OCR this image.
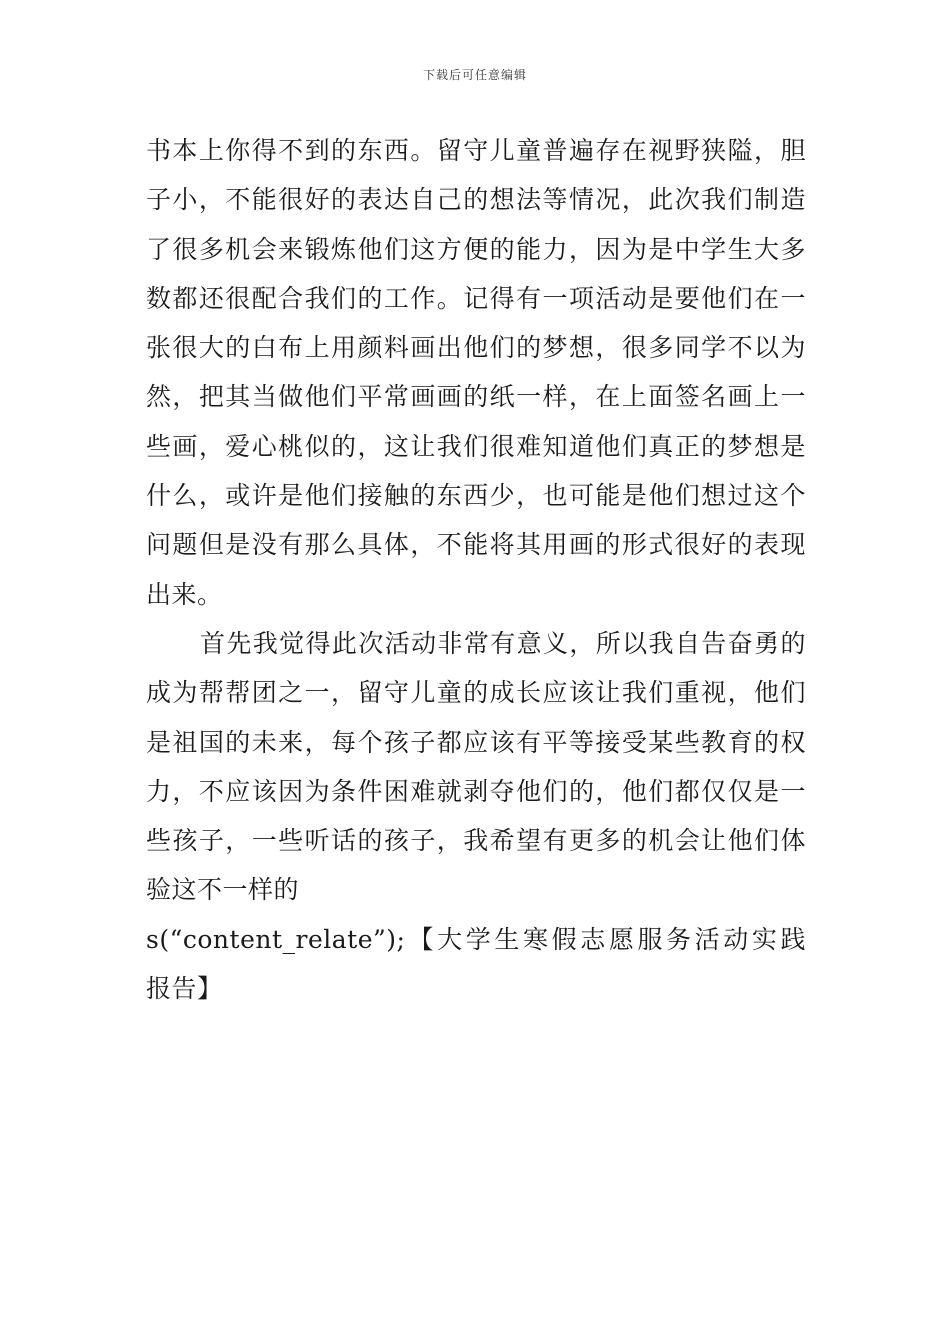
下载后可任意编辑
书本上你得不到的东西。留守儿童普遍存在视野狭隘，胆
子小，不能很好的表达自己的想法等情况，此次我们制造
了很多机会来锻炼他们这方便的能力，因为是中学生大多
数都还很配合我们的工作。记得有一项活动是要他们在一
张很大的白布上用颜料画出他们的梦想，很多同学不以为
然，把其当做他们平常画画的纸一样，在上面签名画上一
些画，爱心桃似的，这让我们很难知道他们真正的梦想是
什么，或许是他们接触的东西少，也可能是他们想过这个
问题但是没有那么具体，不能将其用画的形式很好的表现
出来。
首先我觉得此次活动非常有意义，所以我自告奋勇的
成为帮帮团之一，留守儿童的成长应该让我们重视，他们
是祖国的未来，每个孩子都应该有平等接受某些教育的权
力，不应该因为条件困难就剥夺他们的，他们都仅仅是一
些孩子，一些听话的孩子，我希望有更多的机会让他们体
验这不一样的
s(“content_relate”);【大学生寒假志愿服务活动实践
报告】
